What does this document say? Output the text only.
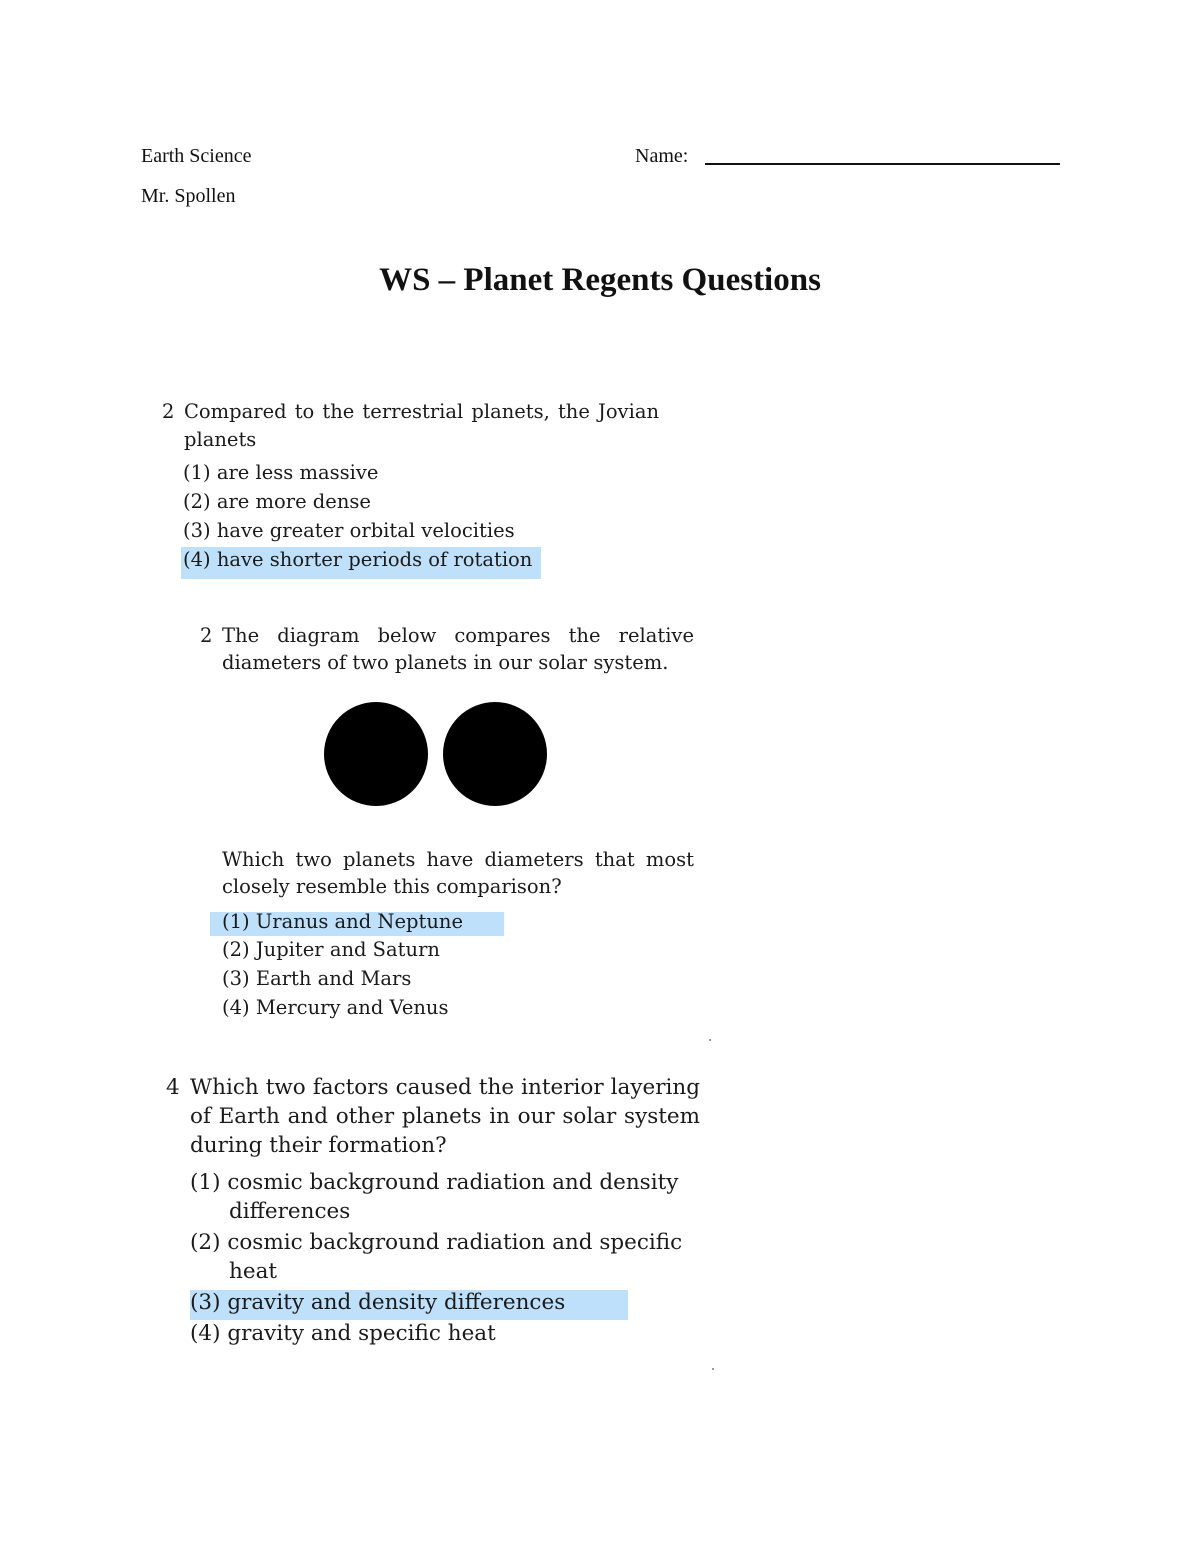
Earth Science
Mr. Spollen
Name:
WS – Planet Regents Questions
2 Compared to the terrestrial planets, the Jovian planets
(1) are less massive
(2) are more dense
(3) have greater orbital velocities
(4) have shorter periods of rotation
2 The diagram below compares the relative diameters of two planets in our solar system.
Which two planets have diameters that most closely resemble this comparison?
(1) Uranus and Neptune
(2) Jupiter and Saturn
(3) Earth and Mars
(4) Mercury and Venus
4 Which two factors caused the interior layering of Earth and other planets in our solar system during their formation?
(1) cosmic background radiation and density
differences
(2) cosmic background radiation and specific
heat
(3) gravity and density differences
(4) gravity and specific heat
